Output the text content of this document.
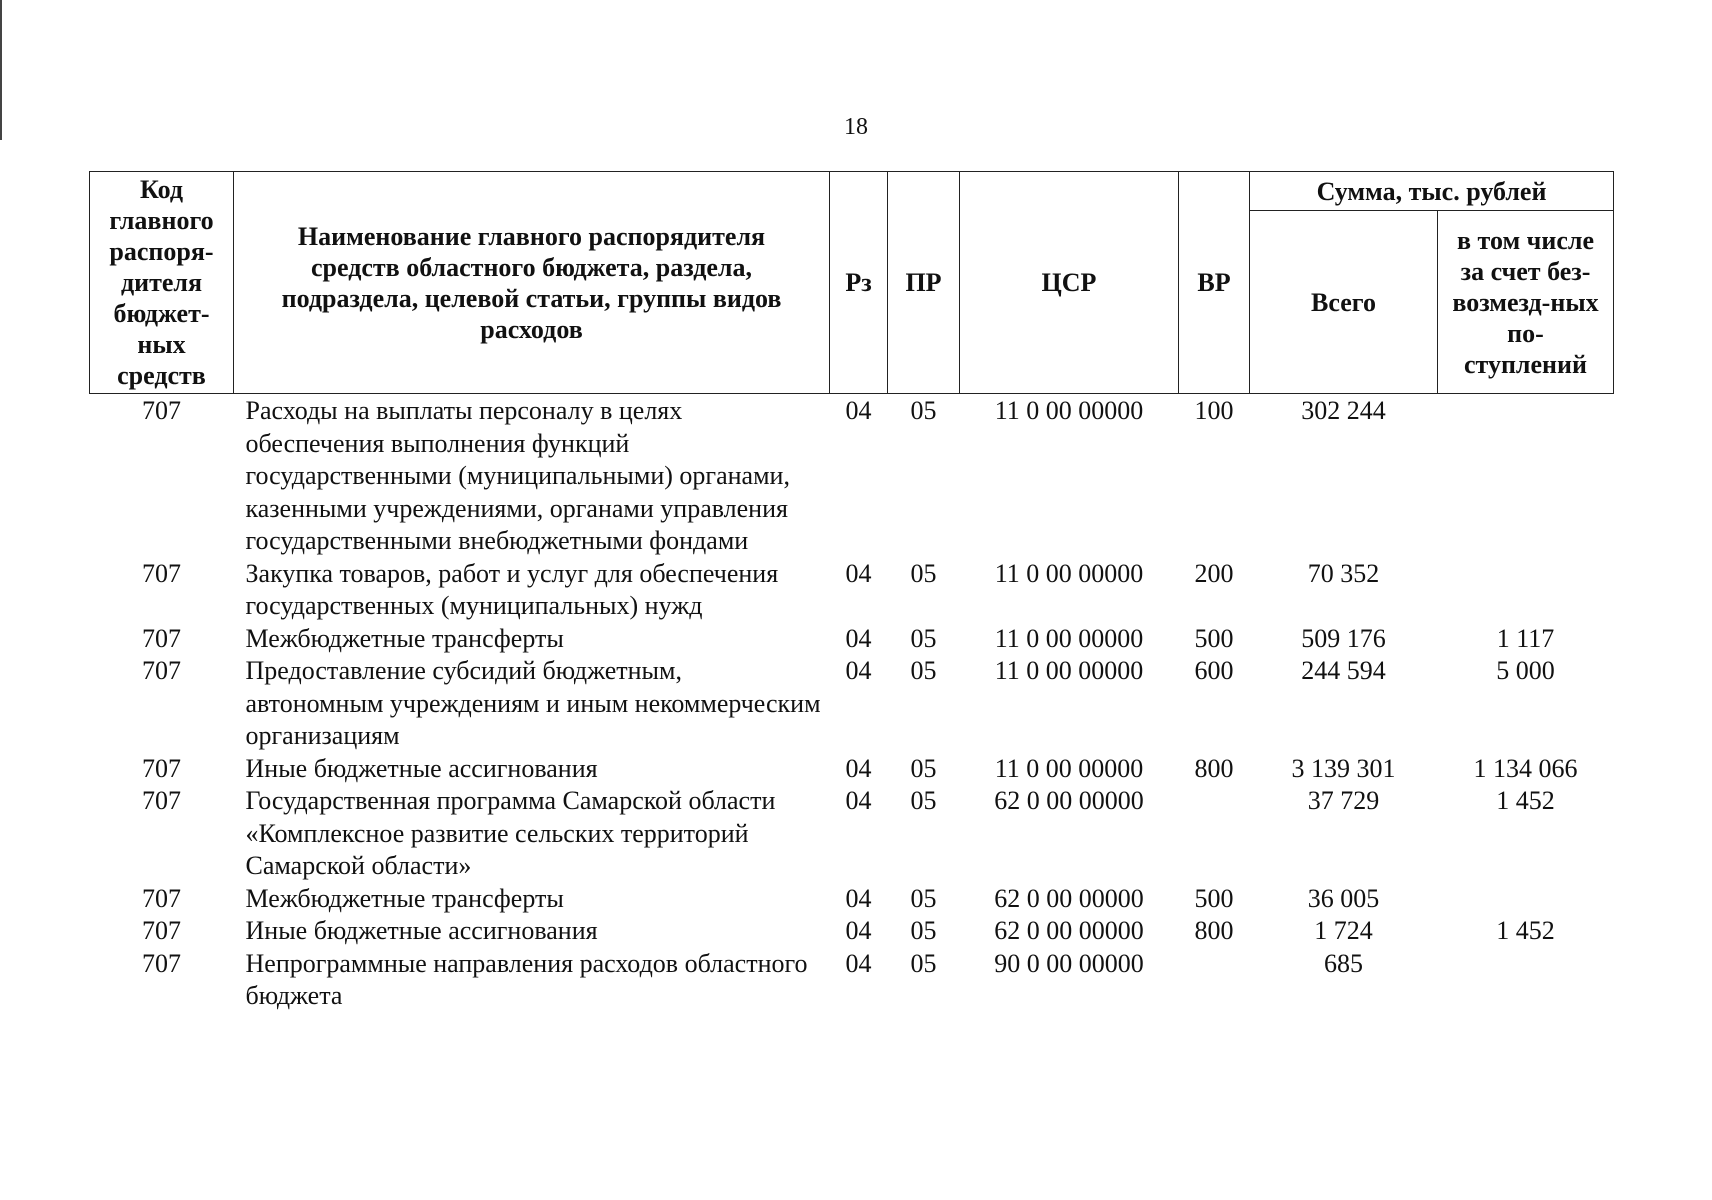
18
Код главного распоря-дителя бюджет-ных средств	Наименование главного распорядителя средств областного бюджета, раздела, подраздела, целевой статьи, группы видов расходов	Рз	ПР	ЦСР	ВР	Сумма, тыс. рублей	
						Всего	в том числе за счет без-возмезд-ных по-ступлений
707	Расходы на выплаты персоналу в целях обеспечения выполнения функций государственными (муниципальными) органами, казенными учреждениями, органами управления государственными внебюджетными фондами	04	05	11 0 00 00000	100	302 244	
707	Закупка товаров, работ и услуг для обеспечения государственных (муниципальных) нужд	04	05	11 0 00 00000	200	70 352	
707	Межбюджетные трансферты	04	05	11 0 00 00000	500	509 176	1 117
707	Предоставление субсидий бюджетным, автономным учреждениям и иным некоммерческим организациям	04	05	11 0 00 00000	600	244 594	5 000
707	Иные бюджетные ассигнования	04	05	11 0 00 00000	800	3 139 301	1 134 066
707	Государственная программа Самарской области «Комплексное развитие сельских территорий Самарской области»	04	05	62 0 00 00000		37 729	1 452
707	Межбюджетные трансферты	04	05	62 0 00 00000	500	36 005	
707	Иные бюджетные ассигнования	04	05	62 0 00 00000	800	1 724	1 452
707	Непрограммные направления расходов областного бюджета	04	05	90 0 00 00000		685	
